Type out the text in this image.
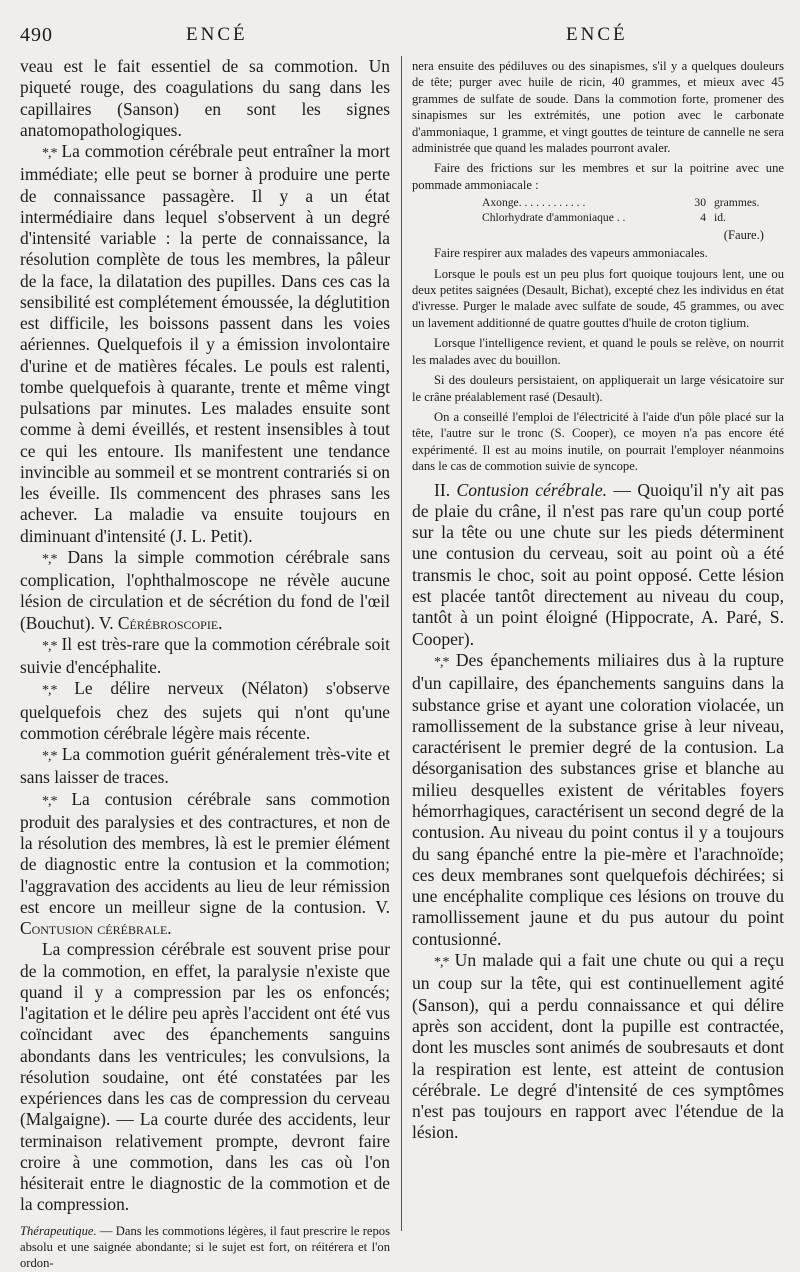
490	ENCÉ	ENCÉ

veau est le fait essentiel de sa commotion. Un piqueté rouge, des coagulations du sang dans les capillaires (Sanson) en sont les signes anatomopathologiques.

*,* La commotion cérébrale peut entraîner la mort immédiate; elle peut se borner à produire une perte de connaissance passagère. Il y a un état intermédiaire dans lequel s'observent à un degré d'intensité variable : la perte de connaissance, la résolution complète de tous les membres, la pâleur de la face, la dilatation des pupilles. Dans ces cas la sensibilité est complétement émoussée, la déglutition est difficile, les boissons passent dans les voies aériennes. Quelquefois il y a émission involontaire d'urine et de matières fécales. Le pouls est ralenti, tombe quelquefois à quarante, trente et même vingt pulsations par minutes. Les malades ensuite sont comme à demi éveillés, et restent insensibles à tout ce qui les entoure. Ils manifestent une tendance invincible au sommeil et se montrent contrariés si on les éveille. Ils commencent des phrases sans les achever. La maladie va ensuite toujours en diminuant d'intensité (J. L. Petit).

*,* Dans la simple commotion cérébrale sans complication, l'ophthalmoscope ne révèle aucune lésion de circulation et de sécrétion du fond de l'œil (Bouchut). V. Cérébroscopie.

*,* Il est très-rare que la commotion cérébrale soit suivie d'encéphalite.

*,* Le délire nerveux (Nélaton) s'observe quelquefois chez des sujets qui n'ont qu'une commotion cérébrale légère mais récente.

*,* La commotion guérit généralement très-vite et sans laisser de traces.

*,* La contusion cérébrale sans commotion produit des paralysies et des contractures, et non de la résolution des membres, là est le premier élément de diagnostic entre la contusion et la commotion; l'aggravation des accidents au lieu de leur rémission est encore un meilleur signe de la contusion. V. Contusion cérébrale.

La compression cérébrale est souvent prise pour de la commotion, en effet, la paralysie n'existe que quand il y a compression par les os enfoncés; l'agitation et le délire peu après l'accident ont été vus coïncidant avec des épanchements sanguins abondants dans les ventricules; les convulsions, la résolution soudaine, ont été constatées par les expériences dans les cas de compression du cerveau (Malgaigne). — La courte durée des accidents, leur terminaison relativement prompte, devront faire croire à une commotion, dans les cas où l'on hésiterait entre le diagnostic de la commotion et de la compression.

Thérapeutique. — Dans les commotions légères, il faut prescrire le repos absolu et une saignée abondante; si le sujet est fort, on réitérera et l'on ordon-

nera ensuite des pédiluves ou des sinapismes, s'il y a quelques douleurs de tête; purger avec huile de ricin, 40 grammes, et mieux avec 45 grammes de sulfate de soude. Dans la commotion forte, promener des sinapismes sur les extrémités, une potion avec le carbonate d'ammoniaque, 1 gramme, et vingt gouttes de teinture de cannelle ne sera administrée que quand les malades pourront avaler.

Faire des frictions sur les membres et sur la poitrine avec une pommade ammoniacale :

Axonge. . . . . . . . . . . .	30	grammes.
Chlorhydrate d'ammoniaque . .	4	id.
(Faure.)

Faire respirer aux malades des vapeurs ammoniacales.

Lorsque le pouls est un peu plus fort quoique toujours lent, une ou deux petites saignées (Desault, Bichat), excepté chez les individus en état d'ivresse. Purger le malade avec sulfate de soude, 45 grammes, ou avec un lavement additionné de quatre gouttes d'huile de croton tiglium.

Lorsque l'intelligence revient, et quand le pouls se relève, on nourrit les malades avec du bouillon.

Si des douleurs persistaient, on appliquerait un large vésicatoire sur le crâne préalablement rasé (Desault).

On a conseillé l'emploi de l'électricité à l'aide d'un pôle placé sur la tête, l'autre sur le tronc (S. Cooper), ce moyen n'a pas encore été expérimenté. Il est au moins inutile, on pourrait l'employer néanmoins dans le cas de commotion suivie de syncope.

II. Contusion cérébrale. — Quoiqu'il n'y ait pas de plaie du crâne, il n'est pas rare qu'un coup porté sur la tête ou une chute sur les pieds déterminent une contusion du cerveau, soit au point où a été transmis le choc, soit au point opposé. Cette lésion est placée tantôt directement au niveau du coup, tantôt à un point éloigné (Hippocrate, A. Paré, S. Cooper).

*,* Des épanchements miliaires dus à la rupture d'un capillaire, des épanchements sanguins dans la substance grise et ayant une coloration violacée, un ramollissement de la substance grise à leur niveau, caractérisent le premier degré de la contusion. La désorganisation des substances grise et blanche au milieu desquelles existent de véritables foyers hémorrhagiques, caractérisent un second degré de la contusion. Au niveau du point contus il y a toujours du sang épanché entre la pie-mère et l'arachnoïde; ces deux membranes sont quelquefois déchirées; si une encéphalite complique ces lésions on trouve du ramollissement jaune et du pus autour du point contusionné.

*,* Un malade qui a fait une chute ou qui a reçu un coup sur la tête, qui est continuellement agité (Sanson), qui a perdu connaissance et qui délire après son accident, dont la pupille est contractée, dont les muscles sont animés de soubresauts et dont la respiration est lente, est atteint de contusion cérébrale. Le degré d'intensité de ces symptômes n'est pas toujours en rapport avec l'étendue de la lésion.
